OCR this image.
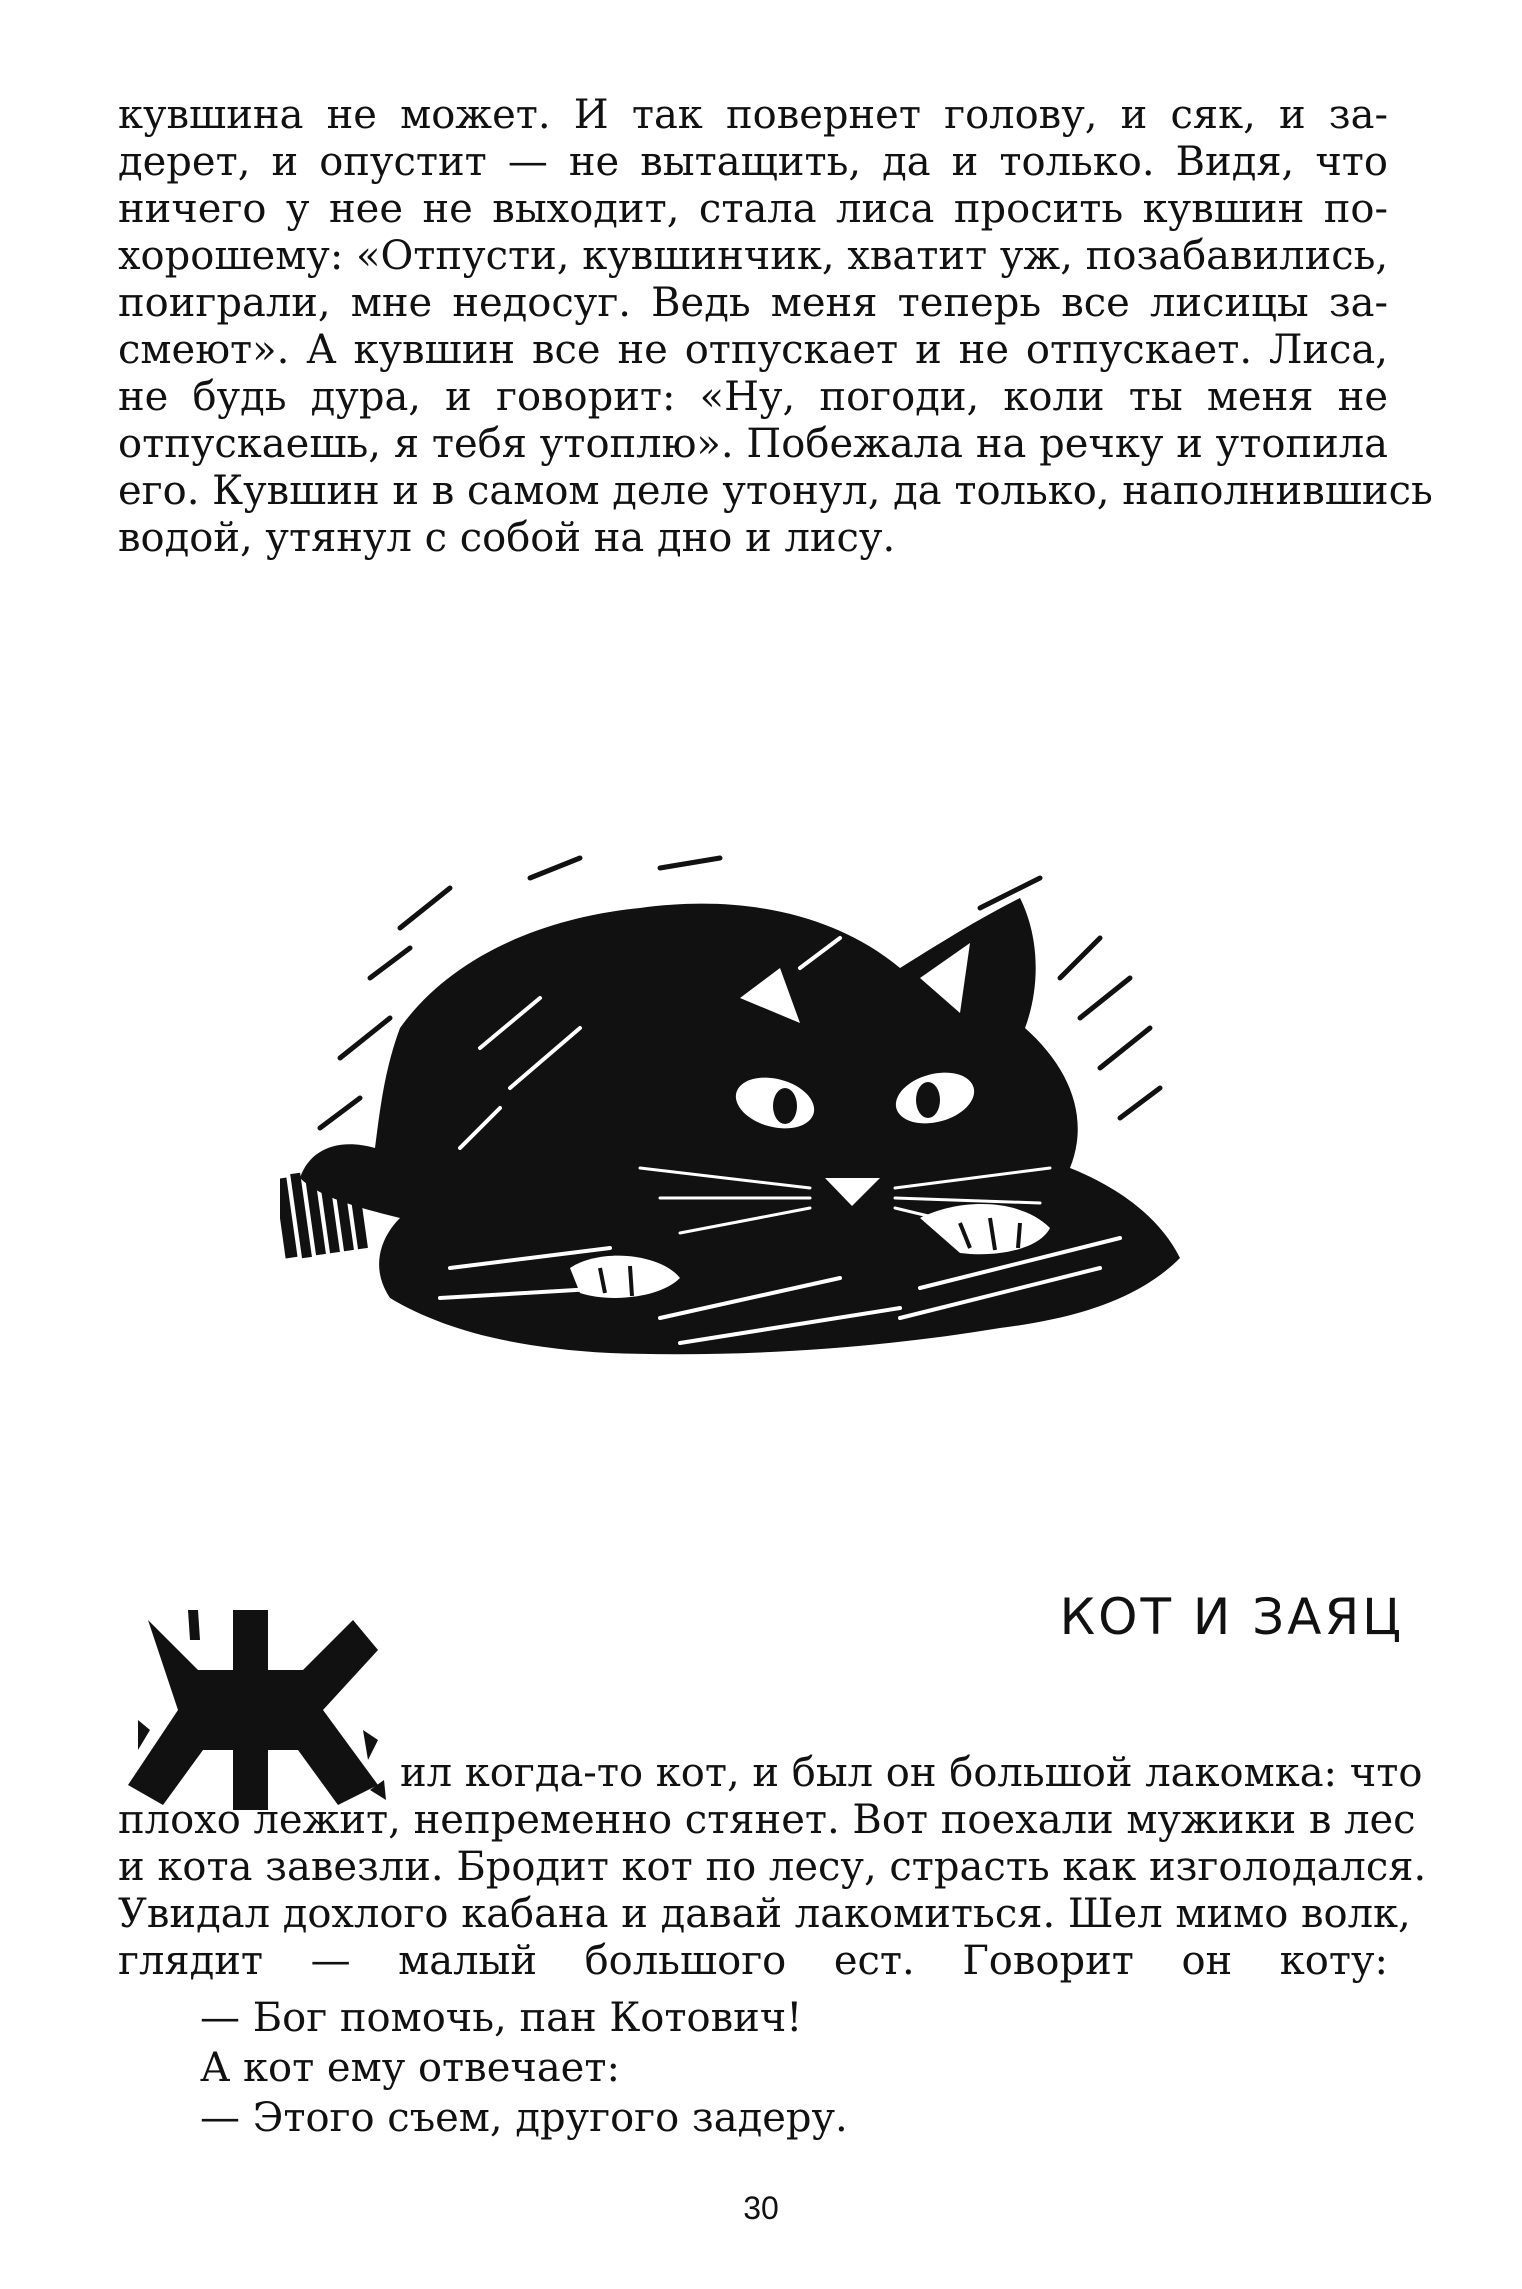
кувшина не может. И так повернет голову, и сяк, и за-
дерет, и опустит — не вытащить, да и только. Видя, что
ничего у нее не выходит, стала лиса просить кувшин по-
хорошему: «Отпусти, кувшинчик, хватит уж, позабавились,
поиграли, мне недосуг. Ведь меня теперь все лисицы за-
смеют». А кувшин все не отпускает и не отпускает. Лиса,
не будь дура, и говорит: «Ну, погоди, коли ты меня не
отпускаешь, я тебя утоплю». Побежала на речку и утопила
его. Кувшин и в самом деле утонул, да только, наполнившись
водой, утянул с собой на дно и лису.
КОТ И ЗАЯЦ
ил когда-то кот, и был он большой лакомка: что
плохо лежит, непременно стянет. Вот поехали мужики в лес
и кота завезли. Бродит кот по лесу, страсть как изголодался.
Увидал дохлого кабана и давай лакомиться. Шел мимо волк,
глядит — малый большого ест. Говорит он коту:
— Бог помочь, пан Котович!
А кот ему отвечает:
— Этого съем, другого задеру.
30
